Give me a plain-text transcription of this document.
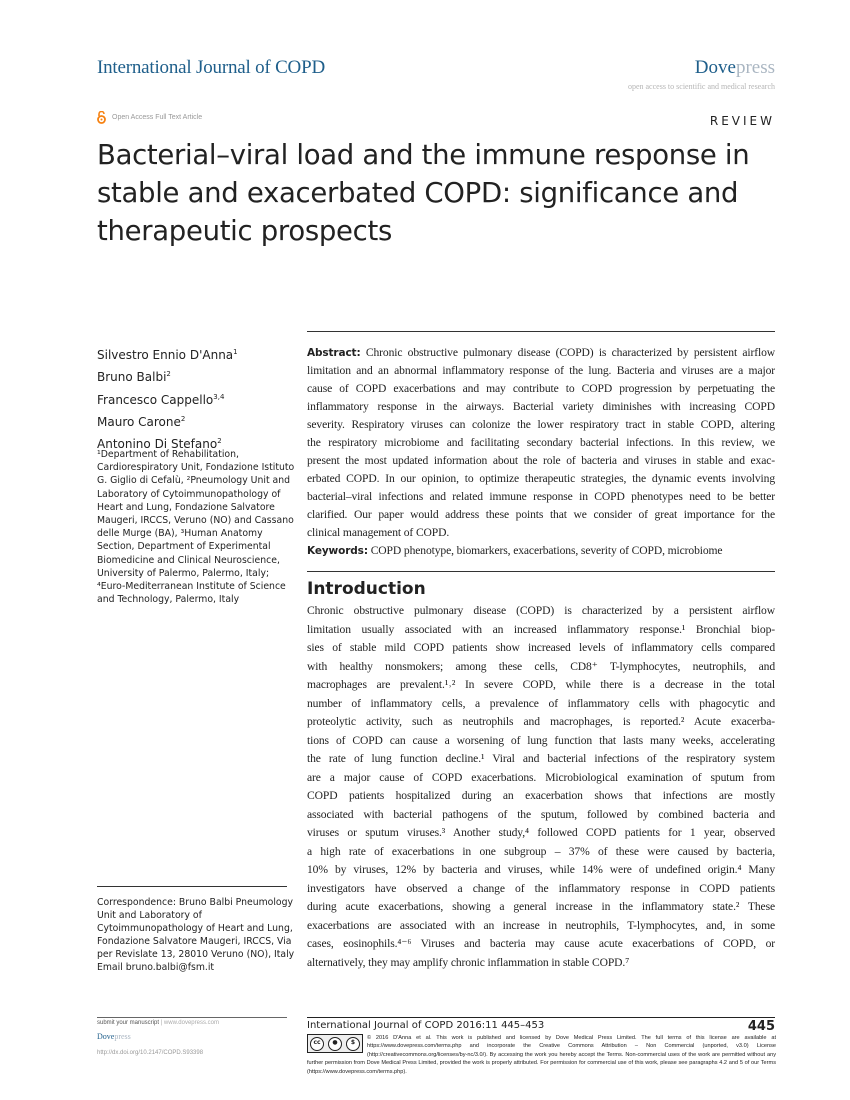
International Journal of COPD	Dovepress
open access to scientific and medical research
Open Access Full Text Article	REVIEW
Bacterial–viral load and the immune response in stable and exacerbated COPD: significance and therapeutic prospects
Silvestro Ennio D'Anna$^1$
Bruno Balbi$^2$
Francesco Cappello$^{3,4}$
Mauro Carone$^2$
Antonino Di Stefano$^2$
¹Department of Rehabilitation, Cardiorespiratory Unit, Fondazione Istituto G. Giglio di Cefalù, ²Pneumology Unit and Laboratory of Cytoimmunopathology of Heart and Lung, Fondazione Salvatore Maugeri, IRCCS, Veruno (NO) and Cassano delle Murge (BA), ³Human Anatomy Section, Department of Experimental Biomedicine and Clinical Neuroscience, University of Palermo, Palermo, Italy; ⁴Euro-Mediterranean Institute of Science and Technology, Palermo, Italy
Correspondence: Bruno Balbi Pneumology Unit and Laboratory of Cytoimmunopathology of Heart and Lung, Fondazione Salvatore Maugeri, IRCCS, Via per Revislate 13, 28010 Veruno (NO), Italy Email bruno.balbi@fsm.it
Abstract: Chronic obstructive pulmonary disease (COPD) is characterized by persistent airflow
limitation and an abnormal inflammatory response of the lung. Bacteria and viruses are a major
cause of COPD exacerbations and may contribute to COPD progression by perpetuating the
inflammatory response in the airways. Bacterial variety diminishes with increasing COPD
severity. Respiratory viruses can colonize the lower respiratory tract in stable COPD, altering
the respiratory microbiome and facilitating secondary bacterial infections. In this review, we
present the most updated information about the role of bacteria and viruses in stable and exac-
erbated COPD. In our opinion, to optimize therapeutic strategies, the dynamic events involving
bacterial–viral infections and related immune response in COPD phenotypes need to be better
clarified. Our paper would address these points that we consider of great importance for the
clinical management of COPD.
Keywords: COPD phenotype, biomarkers, exacerbations, severity of COPD, microbiome
Introduction
Chronic obstructive pulmonary disease (COPD) is characterized by a persistent airflow
limitation usually associated with an increased inflammatory response.¹ Bronchial biop-
sies of stable mild COPD patients show increased levels of inflammatory cells compared
with healthy nonsmokers; among these cells, CD8⁺ T-lymphocytes, neutrophils, and
macrophages are prevalent.¹˒² In severe COPD, while there is a decrease in the total
number of inflammatory cells, a prevalence of inflammatory cells with phagocytic and
proteolytic activity, such as neutrophils and macrophages, is reported.² Acute exacerba-
tions of COPD can cause a worsening of lung function that lasts many weeks, accelerating
the rate of lung function decline.¹ Viral and bacterial infections of the respiratory system
are a major cause of COPD exacerbations. Microbiological examination of sputum from
COPD patients hospitalized during an exacerbation shows that infections are mostly
associated with bacterial pathogens of the sputum, followed by combined bacteria and
viruses or sputum viruses.³ Another study,⁴ followed COPD patients for 1 year, observed
a high rate of exacerbations in one subgroup – 37% of these were caused by bacteria,
10% by viruses, 12% by bacteria and viruses, while 14% were of undefined origin.⁴ Many
investigators have observed a change of the inflammatory response in COPD patients
during acute exacerbations, showing a general increase in the inflammatory state.² These
exacerbations are associated with an increase in neutrophils, T-lymphocytes, and, in some
cases, eosinophils.⁴⁻⁶ Viruses and bacteria may cause acute exacerbations of COPD, or
alternatively, they may amplify chronic inflammation in stable COPD.⁷
submit your manuscript | www.dovepress.com
Dovepress
http://dx.doi.org/10.2147/COPD.S93398
International Journal of COPD 2016:11 445–453	445
cc	●	$
© 2016 D'Anna et al. This work is published and licensed by Dove Medical Press Limited. The full terms of this license are available at https://www.dovepress.com/terms.php and incorporate the Creative Commons Attribution – Non Commercial (unported, v3.0) License (http://creativecommons.org/licenses/by-nc/3.0/). By accessing the work you hereby accept the Terms. Non-commercial uses of the work are permitted without any further permission from Dove Medical Press Limited, provided the work is properly attributed. For permission for commercial use of this work, please see paragraphs 4.2 and 5 of our Terms (https://www.dovepress.com/terms.php).
